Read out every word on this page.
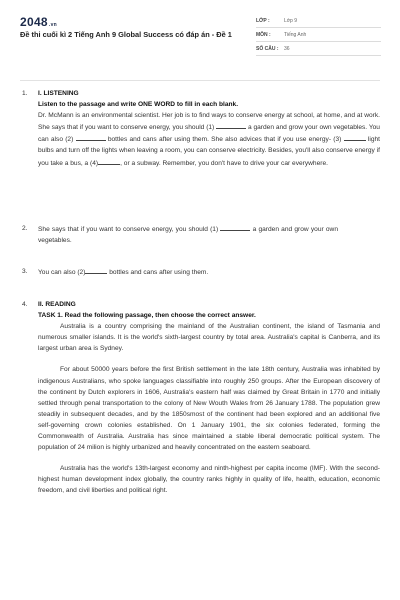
2048.vn
Đề thi cuối kì 2 Tiếng Anh 9 Global Success có đáp án - Đề 1
LỚP :	Lớp 9
MÔN :	Tiếng Anh
SỐ CÂU : 36
1.	I. LISTENING
Listen to the passage and write ONE WORD to fill in each blank.
Dr. McMann is an environmental scientist. Her job is to find ways to conserve energy at school, at home, and at work. She says that if you want to conserve energy, you should (1)	a garden and grow your own vegetables. You can also (2)	bottles and cans after using them. She also advices that if you use energy- (3)	light bulbs and turn off the lights when leaving a room, you can conserve electricity. Besides, you'll also conserve energy if you take a bus, a (4)	, or a subway. Remember, you don't have to drive your car everywhere.
2.	She says that if you want to conserve energy, you should (1)	a garden and grow your own vegetables.
3.	You can also (2)	bottles and cans after using them.
4.	II. READING
TASK 1. Read the following passage, then choose the correct answer.
Australia is a country comprising the mainland of the Australian continent, the island of Tasmania and numerous smaller islands. It is the world's sixth-largest country by total area. Australia's capital is Canberra, and its largest urban area is Sydney.
For about 50000 years before the first British settlement in the late 18th century, Australia was inhabited by indigenous Australians, who spoke languages classifiable into roughly 250 groups. After the European discovery of the continent by Dutch explorers in 1606, Australia's eastern half was claimed by Great Britain in 1770 and initially settled through penal transportation to the colony of New Wouth Wales from 26 January 1788. The population grew steadily in subsequent decades, and by the 1850smost of the continent had been explored and an additional five self-governing crown colonies established. On 1 January 1901, the six colonies federated, forming the Commonwealth of Australia. Australia has since maintained a stable liberal democratic political system. The population of 24 milion is highly urbanized and heavily concentrated on the eastern seaboard.
Australia has the world's 13th-largest economy and ninth-highest per capita income (IMF). With the second-highest human development index globally, the country ranks highly in quality of life, health, education, economic freedom, and civil liberties and political right.
